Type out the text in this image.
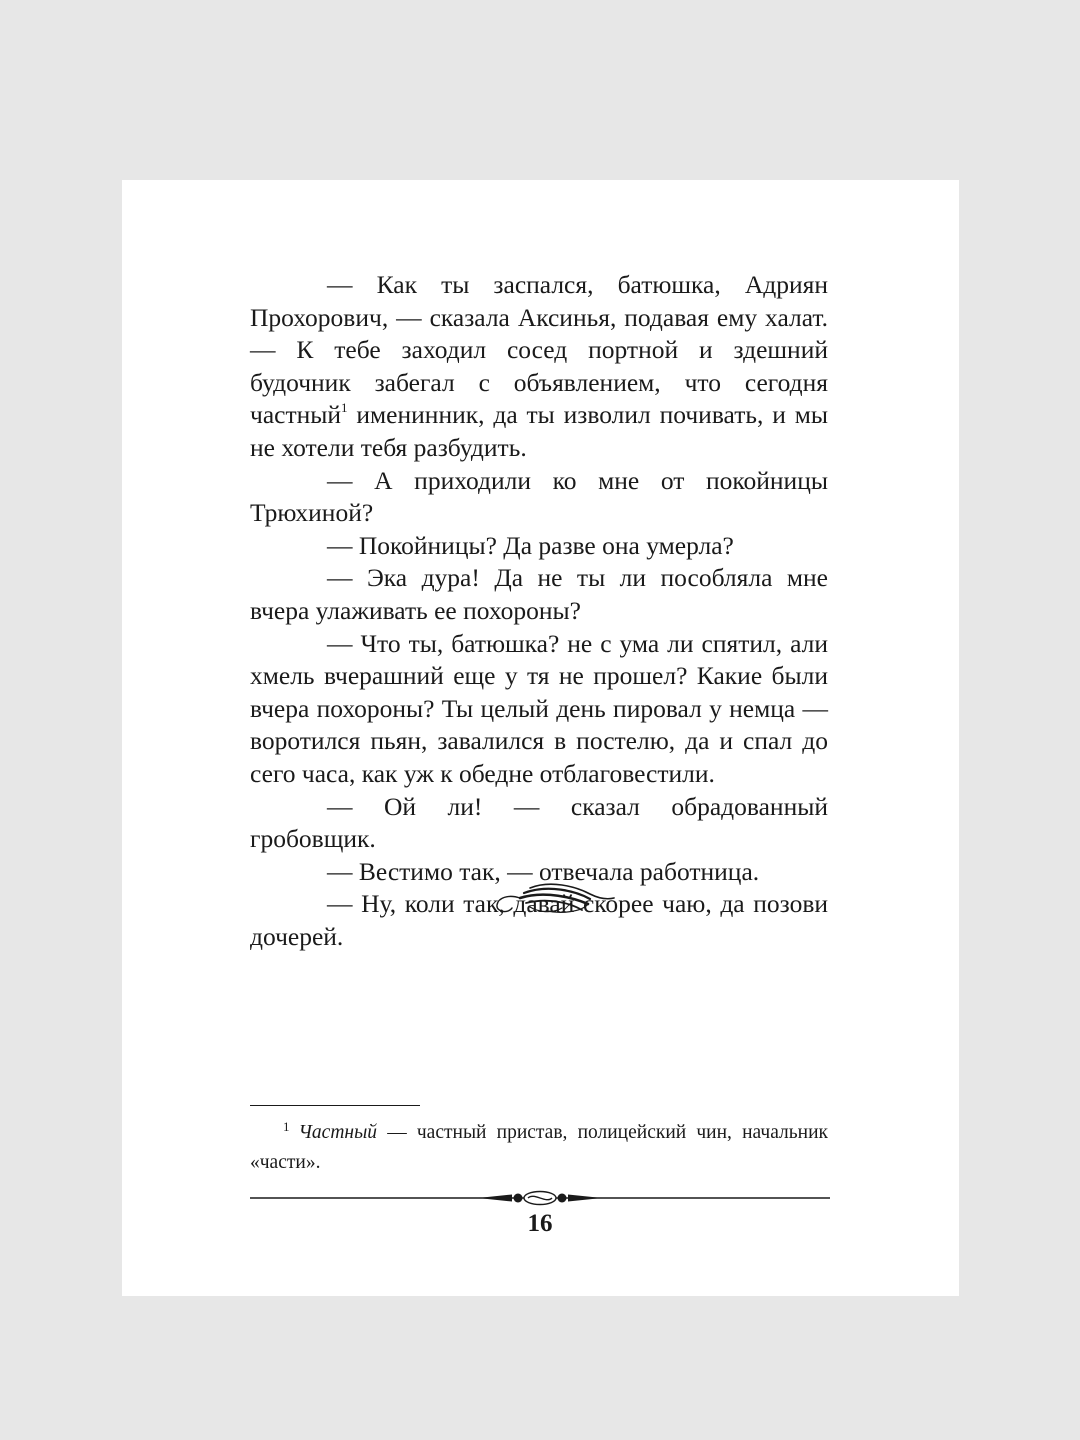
— Как ты заспался, батюшка, Адриян Прохорович, — сказала Аксинья, подавая ему халат. — К тебе заходил сосед портной и здешний будочник забегал с объявлением, что сегодня частный$^1$ именинник, да ты изволил почивать, и мы не хотели тебя разбудить.

— А приходили ко мне от покойницы Трюхиной?

— Покойницы? Да разве она умерла?

— Эка дура! Да не ты ли пособляла мне вчера улаживать ее похороны?

— Что ты, батюшка? не с ума ли спятил, али хмель вчерашний еще у тя не прошел? Какие были вчера похороны? Ты целый день пировал у немца — воротился пьян, завалился в постелю, да и спал до сего часа, как уж к обедне отблаговестили.

— Ой ли! — сказал обрадованный гробовщик.

— Вестимо так, — отвечала работница.

— Ну, коли так, давай скорее чаю, да позови дочерей.

$^1$ Частный — частный пристав, полицейский чин, начальник «части».
16
